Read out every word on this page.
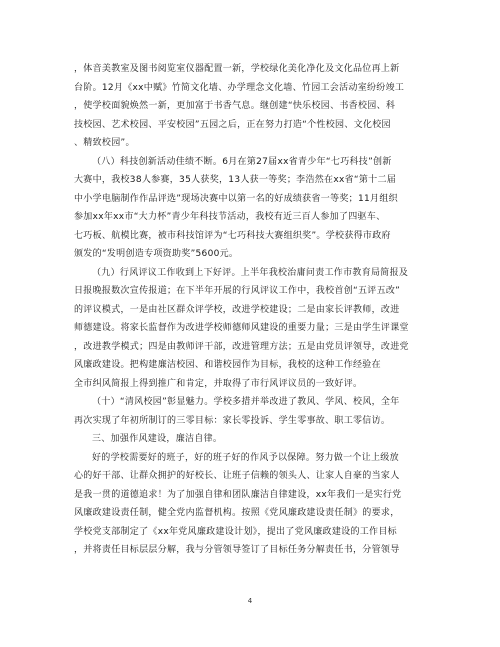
，体音美教室及图书阅览室仪器配置一新，学校绿化美化净化及文化品位再上新
台阶。12月《xx中赋》竹简文化墙、办学理念文化墙、竹园工会活动室纷纷竣工
，使学校面貌焕然一新，更加富于书香气息。继创建“快乐校园、书香校园、科
技校园、艺术校园、平安校园”五园之后，正在努力打造“个性校园、文化校园
、精致校园”。
（八）科技创新活动佳绩不断。6月在第27届xx省青少年“七巧科技”创新
大赛中，我校38人参赛，35人获奖，13人获一等奖；李浩然在xx省“第十二届
中小学电脑制作作品评选”现场决赛中以第一名的好成绩获省一等奖；11月组织
参加xx年xx市“大力杯”青少年科技节活动，我校有近三百人参加了四驱车、
七巧板、航模比赛，被市科技馆评为“七巧科技大赛组织奖”。学校获得市政府
颁发的“发明创造专项资助奖”5600元。
（九）行风评议工作收到上下好评。上半年我校治庸问责工作市教育局简报及
日报晚报数次宣传报道；在下半年开展的行风评议工作中，我校首创“五评五改”
的评议模式，一是由社区群众评学校，改进学校建设；二是由家长评教师，改进
师德建设。将家长监督作为改进学校师德师风建设的重要力量；三是由学生评课堂
，改进教学模式；四是由教师评干部，改进管理方法；五是由党员评领导，改进党
风廉政建设。把构建廉洁校园、和谐校园作为目标，我校的这种工作经验在
全市纠风简报上得到推广和肯定，并取得了市行风评议员的一致好评。
（十）“清风校园”彰显魅力。学校多措并举改进了教风、学风、校风，全年
再次实现了年初所制订的三零目标：家长零投诉、学生零事故、职工零信访。
三、加强作风建设，廉洁自律。
好的学校需要好的班子，好的班子好的作风予以保障。努力做一个让上级放
心的好干部、让群众拥护的好校长、让班子信赖的领头人、让家人自豪的当家人
是我一贯的道德追求！为了加强自律和团队廉洁自律建设，xx年我们一是实行党
风廉政建设责任制，健全党内监督机构。按照《党风廉政建设责任制》的要求，
学校党支部制定了《xx年党风廉政建设计划》，提出了党风廉政建设的工作目标
，并将责任目标层层分解，我与分管领导签订了目标任务分解责任书，分管领导
4
